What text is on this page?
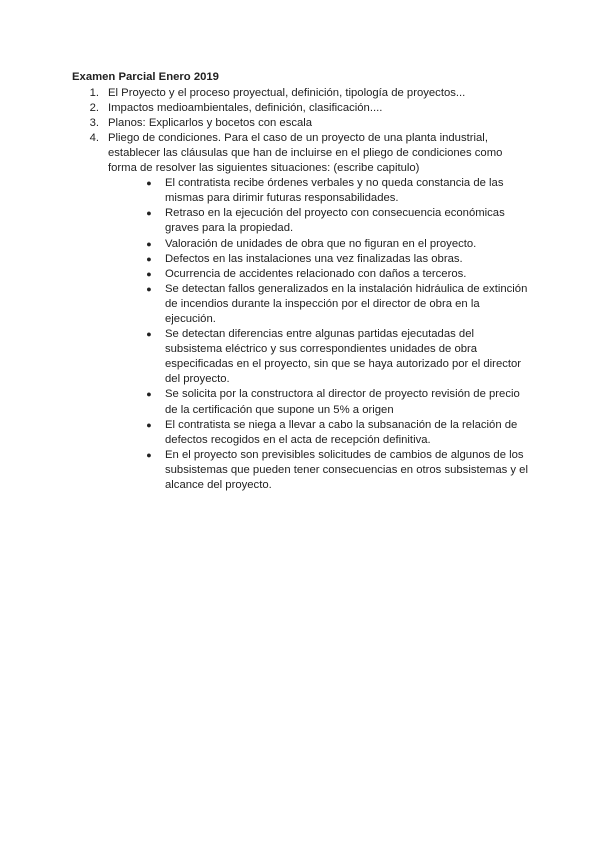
Examen Parcial Enero 2019
1. El Proyecto y el proceso proyectual, definición, tipología de proyectos...
2. Impactos medioambientales, definición, clasificación....
3. Planos: Explicarlos y bocetos con escala
4. Pliego de condiciones. Para el caso de un proyecto de una planta industrial, establecer las cláusulas que han de incluirse en el pliego de condiciones como forma de resolver las siguientes situaciones: (escribe capitulo)
● El contratista recibe órdenes verbales y no queda constancia de las mismas para dirimir futuras responsabilidades.
● Retraso en la ejecución del proyecto con consecuencia económicas graves para la propiedad.
● Valoración de unidades de obra que no figuran en el proyecto.
● Defectos en las instalaciones una vez finalizadas las obras.
● Ocurrencia de accidentes relacionado con daños a terceros.
● Se detectan fallos generalizados en la instalación hidráulica de extinción de incendios durante la inspección por el director de obra en la ejecución.
● Se detectan diferencias entre algunas partidas ejecutadas del subsistema eléctrico y sus correspondientes unidades de obra especificadas en el proyecto, sin que se haya autorizado por el director del proyecto.
● Se solicita por la constructora al director de proyecto revisión de precio de la certificación que supone un 5% a origen
● El contratista se niega a llevar a cabo la subsanación de la relación de defectos recogidos en el acta de recepción definitiva.
● En el proyecto son previsibles solicitudes de cambios de algunos de los subsistemas que pueden tener consecuencias en otros subsistemas y el alcance del proyecto.
